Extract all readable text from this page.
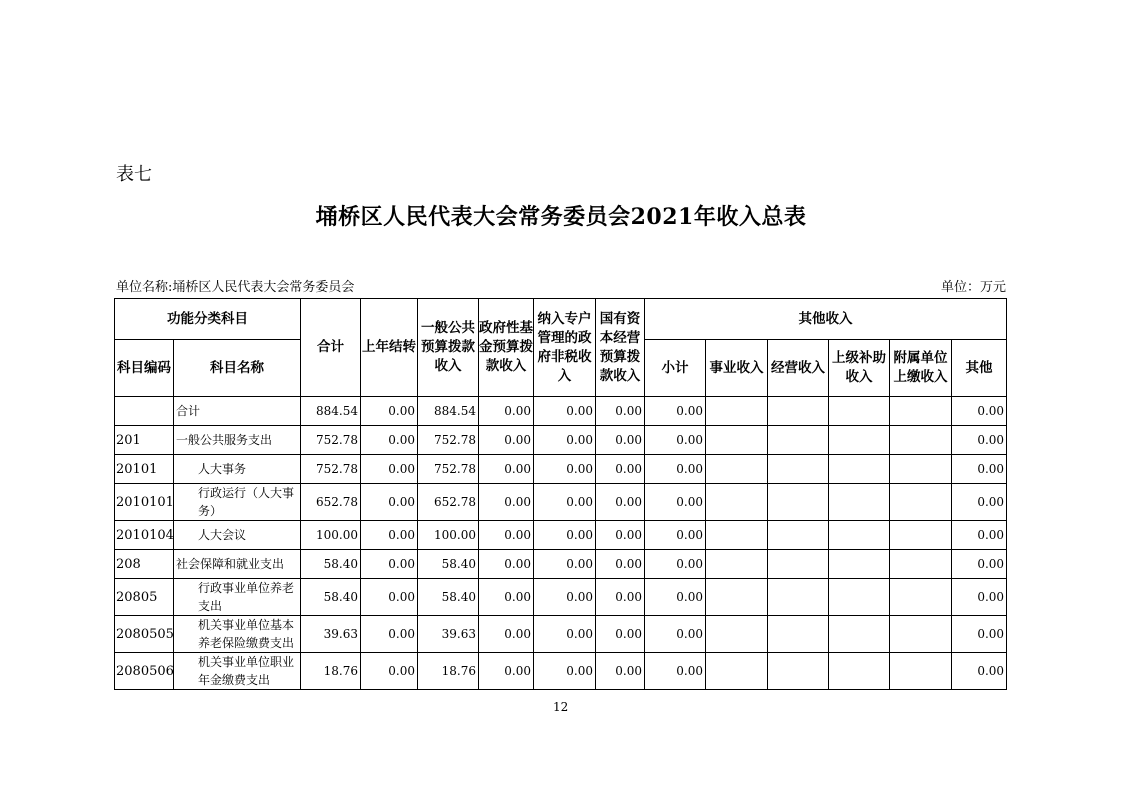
表七
埇桥区人民代表大会常务委员会2021年收入总表
单位名称:埇桥区人民代表大会常务委员会	单位：万元
功能分类科目		合计	上年结转	一般公共预算拨款收入	政府性基金预算拨款收入	纳入专户管理的政府非税收入	国有资本经营预算拨款收入	其他收入					
科目编码	科目名称							小计	事业收入	经营收入	上级补助收入	附属单位上缴收入	其他
	合计	884.54	0.00	884.54	0.00	0.00	0.00	0.00					0.00
201	一般公共服务支出	752.78	0.00	752.78	0.00	0.00	0.00	0.00					0.00
20101	人大事务	752.78	0.00	752.78	0.00	0.00	0.00	0.00					0.00
2010101	行政运行（人大事务）	652.78	0.00	652.78	0.00	0.00	0.00	0.00					0.00
2010104	人大会议	100.00	0.00	100.00	0.00	0.00	0.00	0.00					0.00
208	社会保障和就业支出	58.40	0.00	58.40	0.00	0.00	0.00	0.00					0.00
20805	行政事业单位养老支出	58.40	0.00	58.40	0.00	0.00	0.00	0.00					0.00
2080505	机关事业单位基本养老保险缴费支出	39.63	0.00	39.63	0.00	0.00	0.00	0.00					0.00
2080506	机关事业单位职业年金缴费支出	18.76	0.00	18.76	0.00	0.00	0.00	0.00					0.00
12
